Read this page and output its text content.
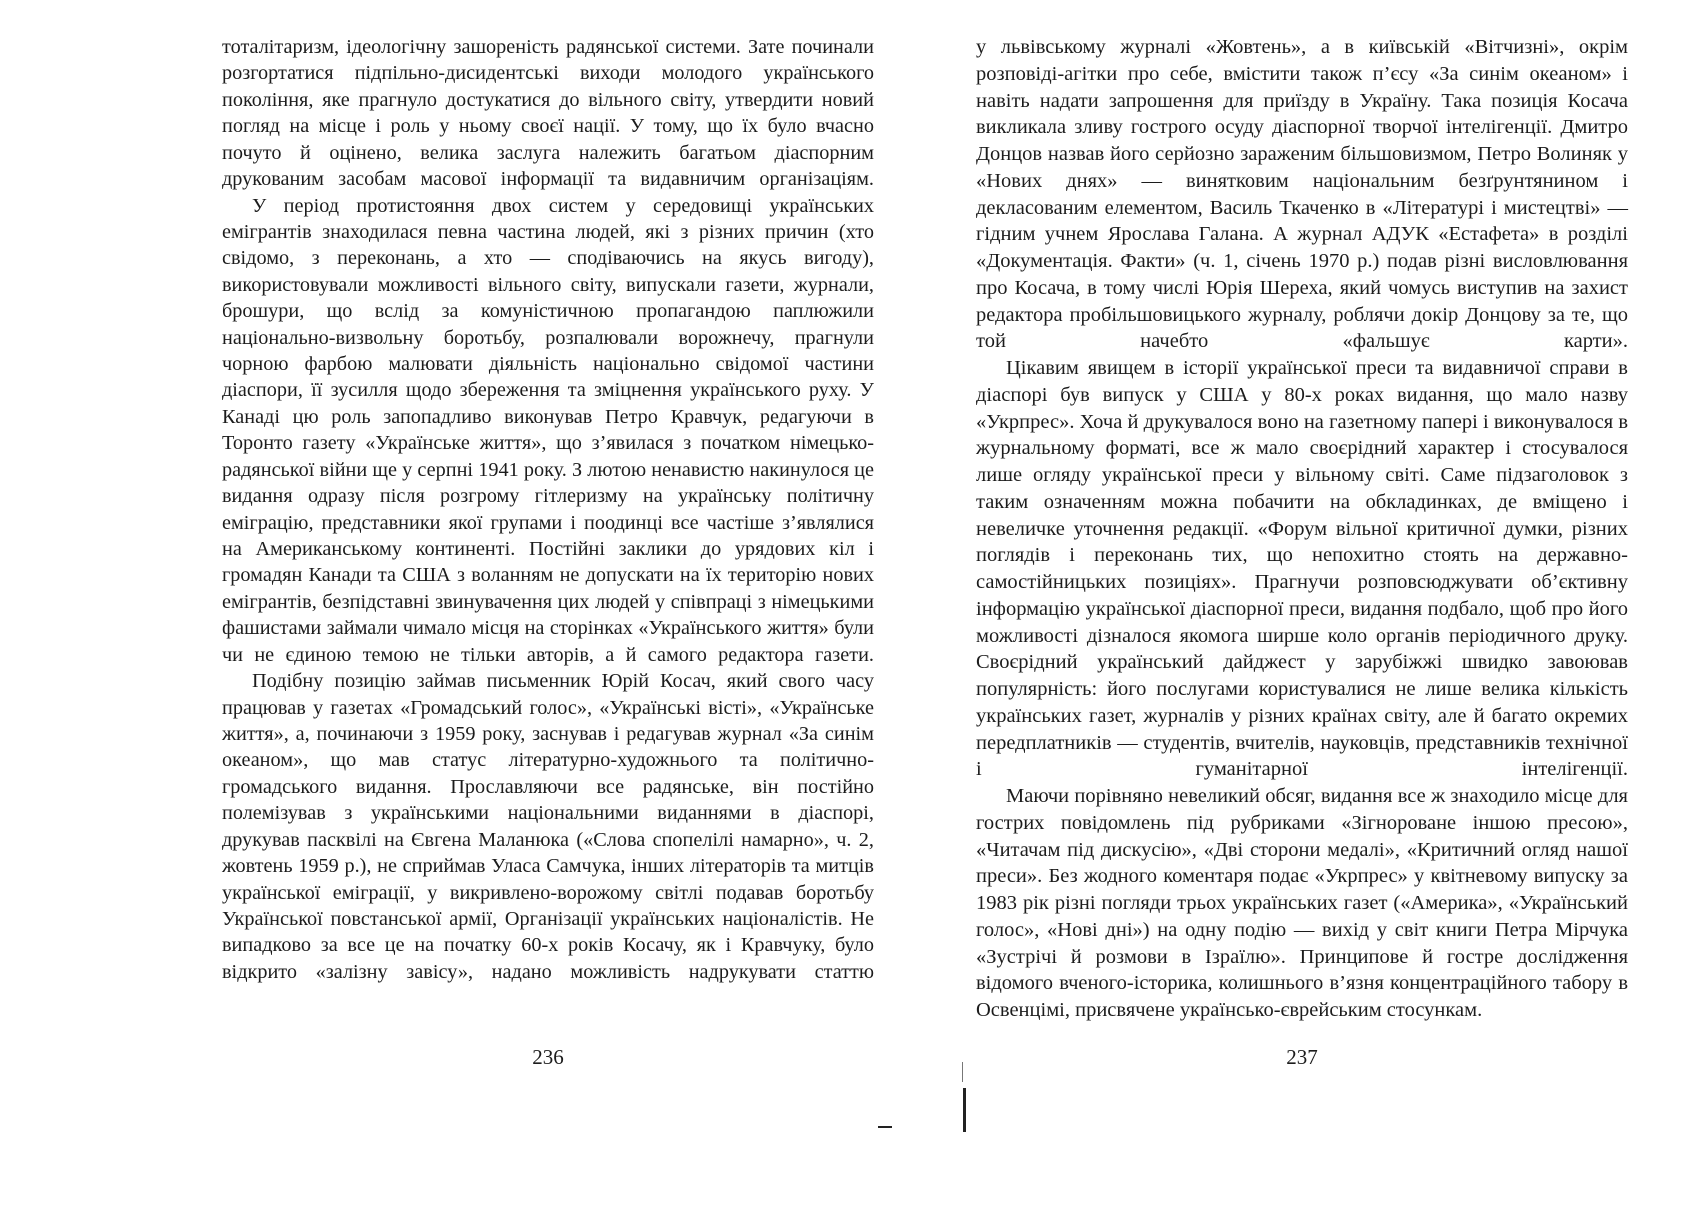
тоталітаризм, ідеологічну зашореність радянської системи. Зате починали розгортатися підпільно-дисидентські виходи молодого українського покоління, яке прагнуло достукатися до вільного світу, утвердити новий погляд на місце і роль у ньому своєї нації. У тому, що їх було вчасно почуто й оцінено, велика заслуга належить багатьом діаспорним друкованим засобам масової інформації та видавничим організаціям.

У період протистояння двох систем у середовищі українських емігрантів знаходилася певна частина людей, які з різних причин (хто свідомо, з переконань, а хто — сподіваючись на якусь вигоду), використовували можливості вільного світу, випускали газети, журнали, брошури, що вслід за комуністичною пропагандою паплюжили національно-визвольну боротьбу, розпалювали ворожнечу, прагнули чорною фарбою малювати діяльність національно свідомої частини діаспори, її зусилля щодо збереження та зміцнення українського руху. У Канаді цю роль запопадливо виконував Петро Кравчук, редагуючи в Торонто газету «Українське життя», що з’явилася з початком німецько-радянської війни ще у серпні 1941 року. З лютою ненавистю накинулося це видання одразу після розгрому гітлеризму на українську політичну еміграцію, представники якої групами і поодинці все частіше з’являлися на Американському континенті. Постійні заклики до урядових кіл і громадян Канади та США з воланням не допускати на їх територію нових емігрантів, безпідставні звинувачення цих людей у співпраці з німецькими фашистами займали чимало місця на сторінках «Українського життя» були чи не єдиною темою не тільки авторів, а й самого редактора газети.

Подібну позицію займав письменник Юрій Косач, який свого часу працював у газетах «Громадський голос», «Українські вісті», «Українське життя», а, починаючи з 1959 року, заснував і редагував журнал «За синім океаном», що мав статус літературно-художнього та політично-громадського видання. Прославляючи все радянське, він постійно полемізував з українськими національними виданнями в діаспорі, друкував пасквілі на Євгена Маланюка («Слова спопелілі намарно», ч. 2, жовтень 1959 р.), не сприймав Уласа Самчука, інших літераторів та митців української еміграції, у викривлено-ворожому світлі подавав боротьбу Української повстанської армії, Організації українських націоналістів. Не випадково за все це на початку 60-х років Косачу, як і Кравчуку, було відкрито «залізну завісу», надано можливість надрукувати статтю

у львівському журналі «Жовтень», а в київській «Вітчизні», окрім розповіді-агітки про себе, вмістити також п’єсу «За синім океаном» і навіть надати запрошення для приїзду в Україну. Така позиція Косача викликала зливу гострого осуду діаспорної творчої інтелігенції. Дмитро Донцов назвав його серйозно зараженим більшовизмом, Петро Волиняк у «Нових днях» — винятковим національним безґрунтянином і декласованим елементом, Василь Ткаченко в «Літературі і мистецтві» — гідним учнем Ярослава Галана. А журнал АДУК «Естафета» в розділі «Документація. Факти» (ч. 1, січень 1970 р.) подав різні висловлювання про Косача, в тому числі Юрія Шереха, який чомусь виступив на захист редактора пробільшовицького журналу, роблячи докір Донцову за те, що той начебто «фальшує карти».

Цікавим явищем в історії української преси та видавничої справи в діаспорі був випуск у США у 80-х роках видання, що мало назву «Укрпрес». Хоча й друкувалося воно на газетному папері і виконувалося в журнальному форматі, все ж мало своєрідний характер і стосувалося лише огляду української преси у вільному світі. Саме підзаголовок з таким означенням можна побачити на обкладинках, де вміщено і невеличке уточнення редакції. «Форум вільної критичної думки, різних поглядів і переконань тих, що непохитно стоять на державно-самостійницьких позиціях». Прагнучи розповсюджувати об’єктивну інформацію української діаспорної преси, видання подбало, щоб про його можливості дізналося якомога ширше коло органів періодичного друку. Своєрідний український дайджест у зарубіжжі швидко завоював популярність: його послугами користувалися не лише велика кількість українських газет, журналів у різних країнах світу, але й багато окремих передплатників — студентів, вчителів, науковців, представників технічної і гуманітарної інтелігенції.

Маючи порівняно невеликий обсяг, видання все ж знаходило місце для гострих повідомлень під рубриками «Зігнороване іншою пресою», «Читачам під дискусію», «Дві сторони медалі», «Критичний огляд нашої преси». Без жодного коментаря подає «Укрпрес» у квітневому випуску за 1983 рік різні погляди трьох українських газет («Америка», «Український голос», «Нові дні») на одну подію — вихід у світ книги Петра Мірчука «Зустрічі й розмови в Ізраїлю». Принципове й гостре дослідження відомого вченого-історика, колишнього в’язня концентраційного табору в Освенцімі, присвячене українсько-єврейським стосункам.

236	237
